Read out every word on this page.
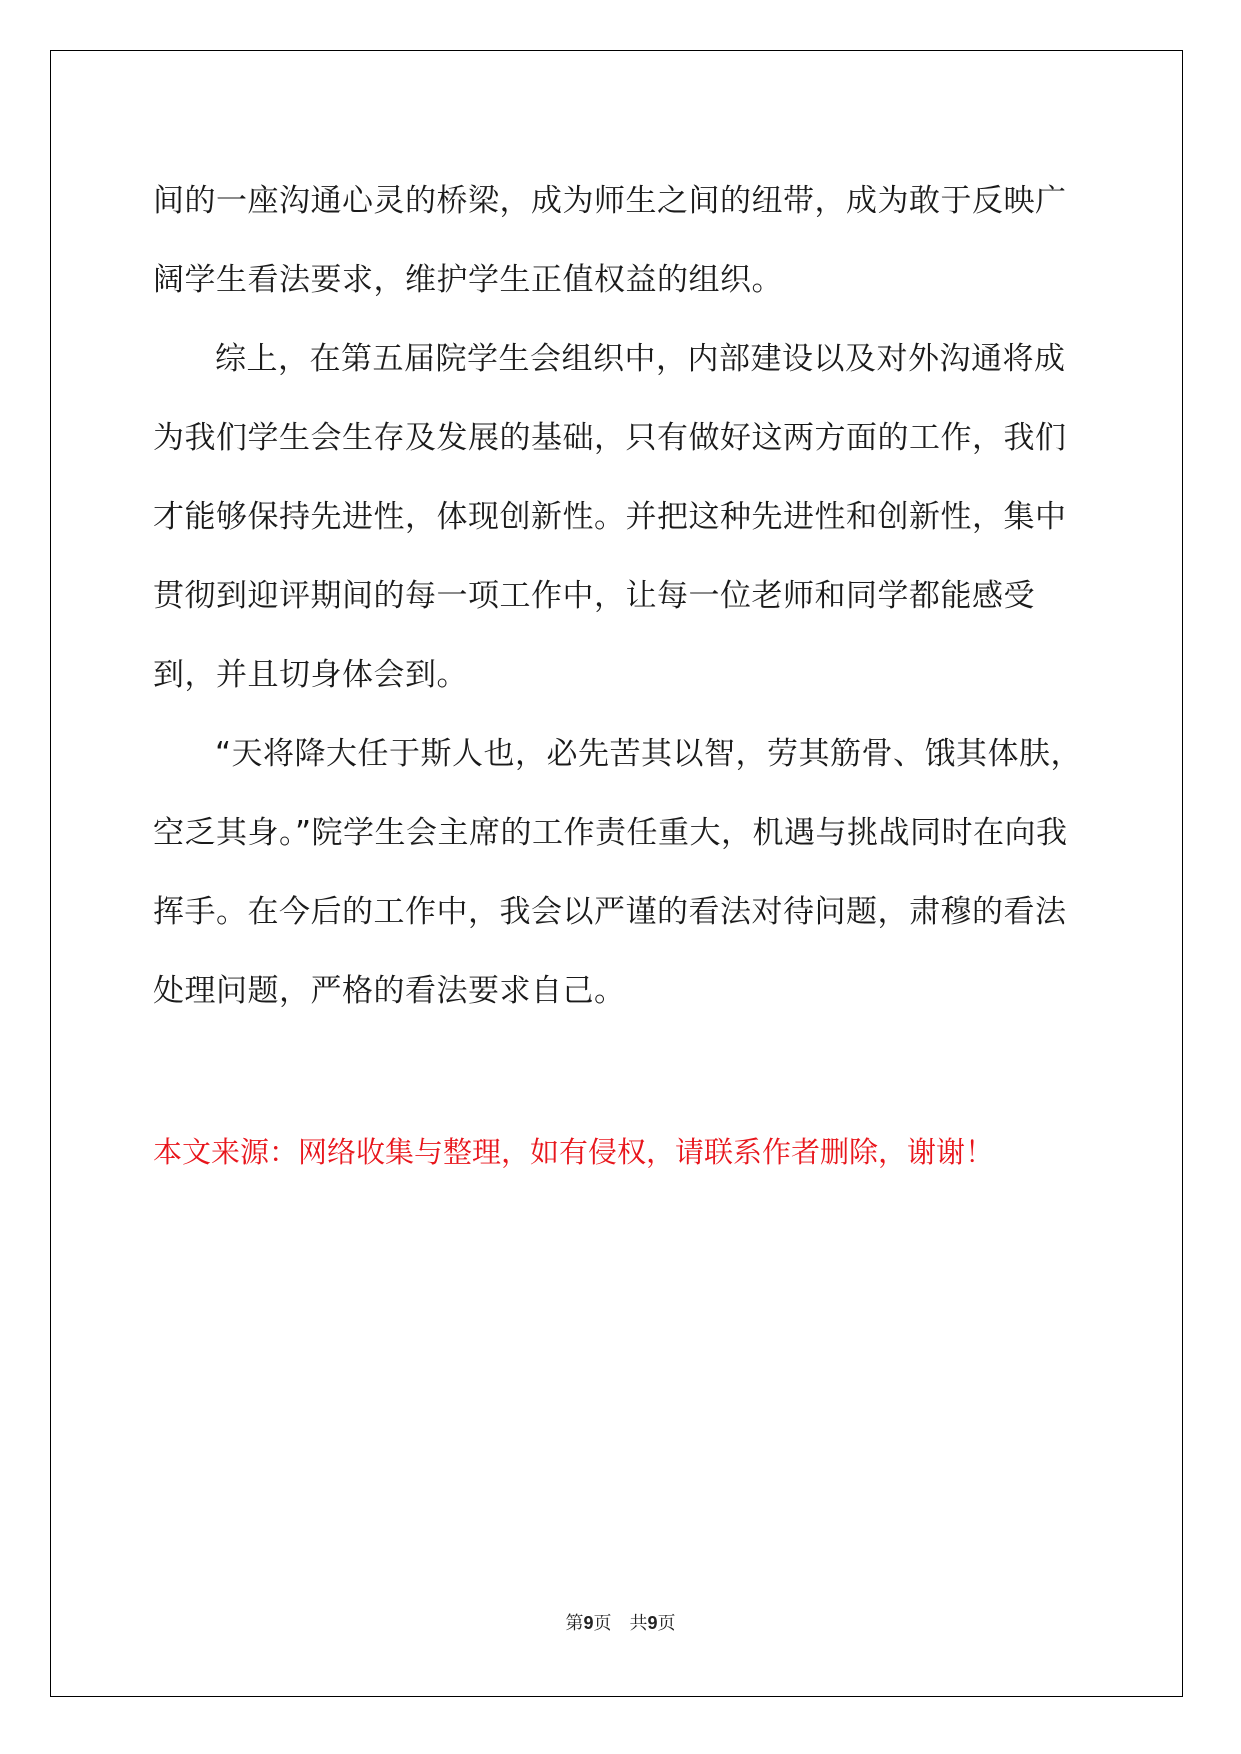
间的一座沟通心灵的桥梁，成为师生之间的纽带，成为敢于反映广阔学生看法要求，维护学生正值权益的组织。

综上，在第五届院学生会组织中，内部建设以及对外沟通将成为我们学生会生存及发展的基础，只有做好这两方面的工作，我们才能够保持先进性，体现创新性。并把这种先进性和创新性，集中贯彻到迎评期间的每一项工作中，让每一位老师和同学都能感受到，并且切身体会到。

“天将降大任于斯人也，必先苦其以智，劳其筋骨、饿其体肤，空乏其身。”院学生会主席的工作责任重大，机遇与挑战同时在向我挥手。在今后的工作中，我会以严谨的看法对待问题，肃穆的看法处理问题，严格的看法要求自己。

本文来源：网络收集与整理，如有侵权，请联系作者删除，谢谢！

第9页 共9页
